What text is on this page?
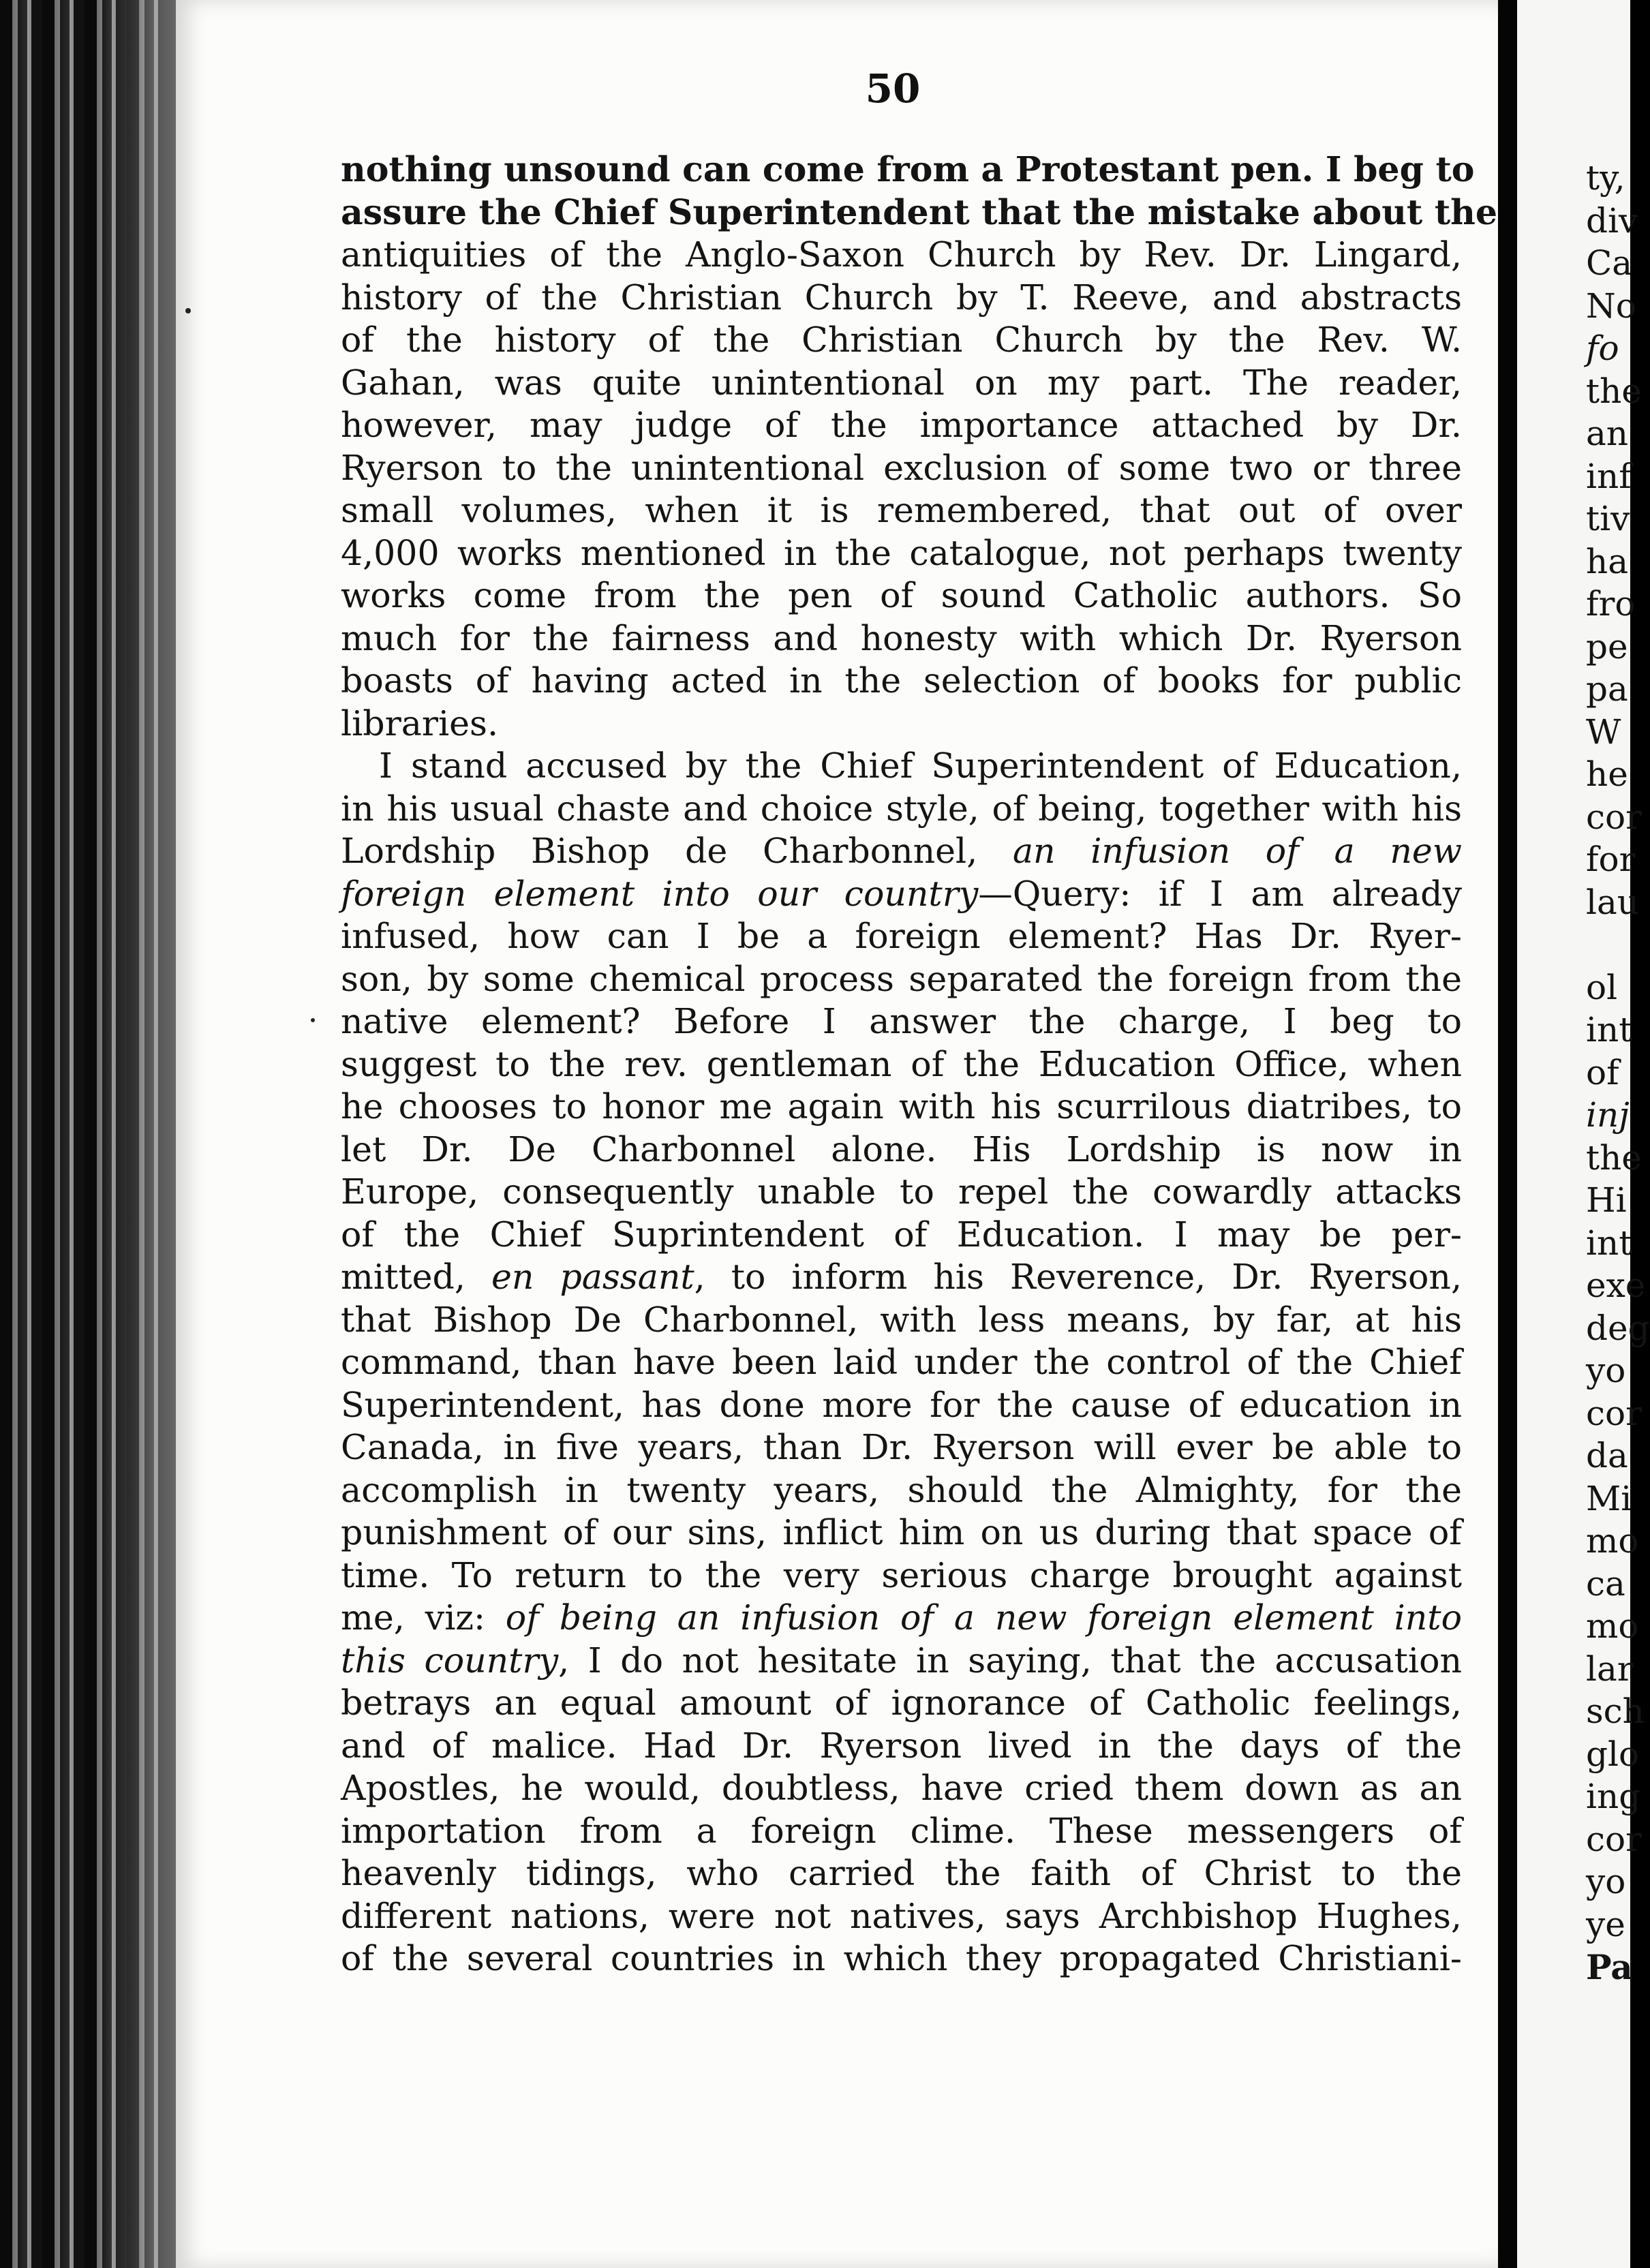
50
nothing unsound can come from a Protestant pen. I beg to
assure the Chief Superintendent that the mistake about the
antiquities of the Anglo-Saxon Church by Rev. Dr. Lingard,
history of the Christian Church by T. Reeve, and abstracts
of the history of the Christian Church by the Rev. W.
Gahan, was quite unintentional on my part. The reader,
however, may judge of the importance attached by Dr.
Ryerson to the unintentional exclusion of some two or three
small volumes, when it is remembered, that out of over
4,000 works mentioned in the catalogue, not perhaps twenty
works come from the pen of sound Catholic authors. So
much for the fairness and honesty with which Dr. Ryerson
boasts of having acted in the selection of books for public
libraries.
I stand accused by the Chief Superintendent of Education,
in his usual chaste and choice style, of being, together with his
Lordship Bishop de Charbonnel, an infusion of a new
foreign element into our country—Query: if I am already
infused, how can I be a foreign element? Has Dr. Ryer-
son, by some chemical process separated the foreign from the
native element? Before I answer the charge, I beg to
suggest to the rev. gentleman of the Education Office, when
he chooses to honor me again with his scurrilous diatribes, to
let Dr. De Charbonnel alone. His Lordship is now in
Europe, consequently unable to repel the cowardly attacks
of the Chief Suprintendent of Education. I may be per-
mitted, en passant, to inform his Reverence, Dr. Ryerson,
that Bishop De Charbonnel, with less means, by far, at his
command, than have been laid under the control of the Chief
Superintendent, has done more for the cause of education in
Canada, in five years, than Dr. Ryerson will ever be able to
accomplish in twenty years, should the Almighty, for the
punishment of our sins, inflict him on us during that space of
time. To return to the very serious charge brought against
me, viz: of being an infusion of a new foreign element into
this country, I do not hesitate in saying, that the accusation
betrays an equal amount of ignorance of Catholic feelings,
and of malice. Had Dr. Ryerson lived in the days of the
Apostles, he would, doubtless, have cried them down as an
importation from a foreign clime. These messengers of
heavenly tidings, who carried the faith of Christ to the
different nations, were not natives, says Archbishop Hughes,
of the several countries in which they propagated Christiani-
ty,
div
Ca
No
fo
the
an
inf
tiv
ha
fro
pe
pa
W
he
cor
for
lau
ol
int
of
inj
the
Hi
int
exe
deg
yo
cor
da
Mi
mo
ca
mo
lar
sch
glo
ing
cor
yo
ye
Pa
